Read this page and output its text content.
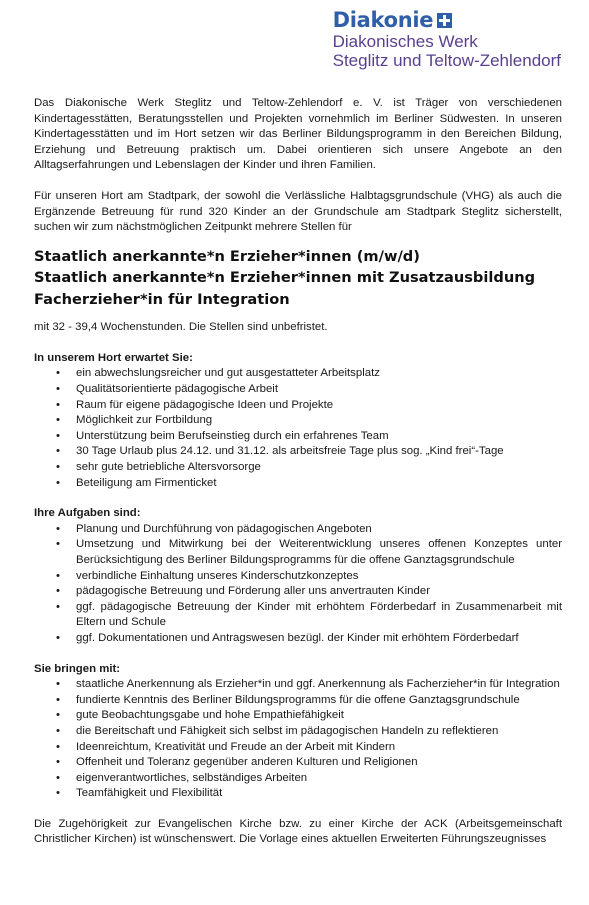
Diakonie
Diakonisches Werk
Steglitz und Teltow-Zehlendorf

Das Diakonische Werk Steglitz und Teltow-Zehlendorf e. V. ist Träger von verschiedenen Kindertagesstätten, Beratungsstellen und Projekten vornehmlich im Berliner Südwesten. In unseren Kindertagesstätten und im Hort setzen wir das Berliner Bildungsprogramm in den Bereichen Bildung, Erziehung und Betreuung praktisch um. Dabei orientieren sich unsere Angebote an den Alltagserfahrungen und Lebenslagen der Kinder und ihren Familien.

Für unseren Hort am Stadtpark, der sowohl die Verlässliche Halbtagsgrundschule (VHG) als auch die Ergänzende Betreuung für rund 320 Kinder an der Grundschule am Stadtpark Steglitz sicherstellt, suchen wir zum nächstmöglichen Zeitpunkt mehrere Stellen für

Staatlich anerkannte*n Erzieher*innen (m/w/d)
Staatlich anerkannte*n Erzieher*innen mit Zusatzausbildung
Facherzieher*in für Integration

mit 32 - 39,4 Wochenstunden. Die Stellen sind unbefristet.

In unserem Hort erwartet Sie:

• ein abwechslungsreicher und gut ausgestatteter Arbeitsplatz
• Qualitätsorientierte pädagogische Arbeit
• Raum für eigene pädagogische Ideen und Projekte
• Möglichkeit zur Fortbildung
• Unterstützung beim Berufseinstieg durch ein erfahrenes Team
• 30 Tage Urlaub plus 24.12. und 31.12. als arbeitsfreie Tage plus sog. „Kind frei“-Tage
• sehr gute betriebliche Altersvorsorge
• Beteiligung am Firmenticket

Ihre Aufgaben sind:

• Planung und Durchführung von pädagogischen Angeboten
• Umsetzung und Mitwirkung bei der Weiterentwicklung unseres offenen Konzeptes unter Berücksichtigung des Berliner Bildungsprogramms für die offene Ganztagsgrundschule
• verbindliche Einhaltung unseres Kinderschutzkonzeptes
• pädagogische Betreuung und Förderung aller uns anvertrauten Kinder
• ggf. pädagogische Betreuung der Kinder mit erhöhtem Förderbedarf in Zusammenarbeit mit Eltern und Schule
• ggf. Dokumentationen und Antragswesen bezügl. der Kinder mit erhöhtem Förderbedarf

Sie bringen mit:

• staatliche Anerkennung als Erzieher*in und ggf. Anerkennung als Facherzieher*in für Integration
• fundierte Kenntnis des Berliner Bildungsprogramms für die offene Ganztagsgrundschule
• gute Beobachtungsgabe und hohe Empathiefähigkeit
• die Bereitschaft und Fähigkeit sich selbst im pädagogischen Handeln zu reflektieren
• Ideenreichtum, Kreativität und Freude an der Arbeit mit Kindern
• Offenheit und Toleranz gegenüber anderen Kulturen und Religionen
• eigenverantwortliches, selbständiges Arbeiten
• Teamfähigkeit und Flexibilität

Die Zugehörigkeit zur Evangelischen Kirche bzw. zu einer Kirche der ACK (Arbeitsgemeinschaft Christlicher Kirchen) ist wünschenswert. Die Vorlage eines aktuellen Erweiterten Führungszeugnisses
